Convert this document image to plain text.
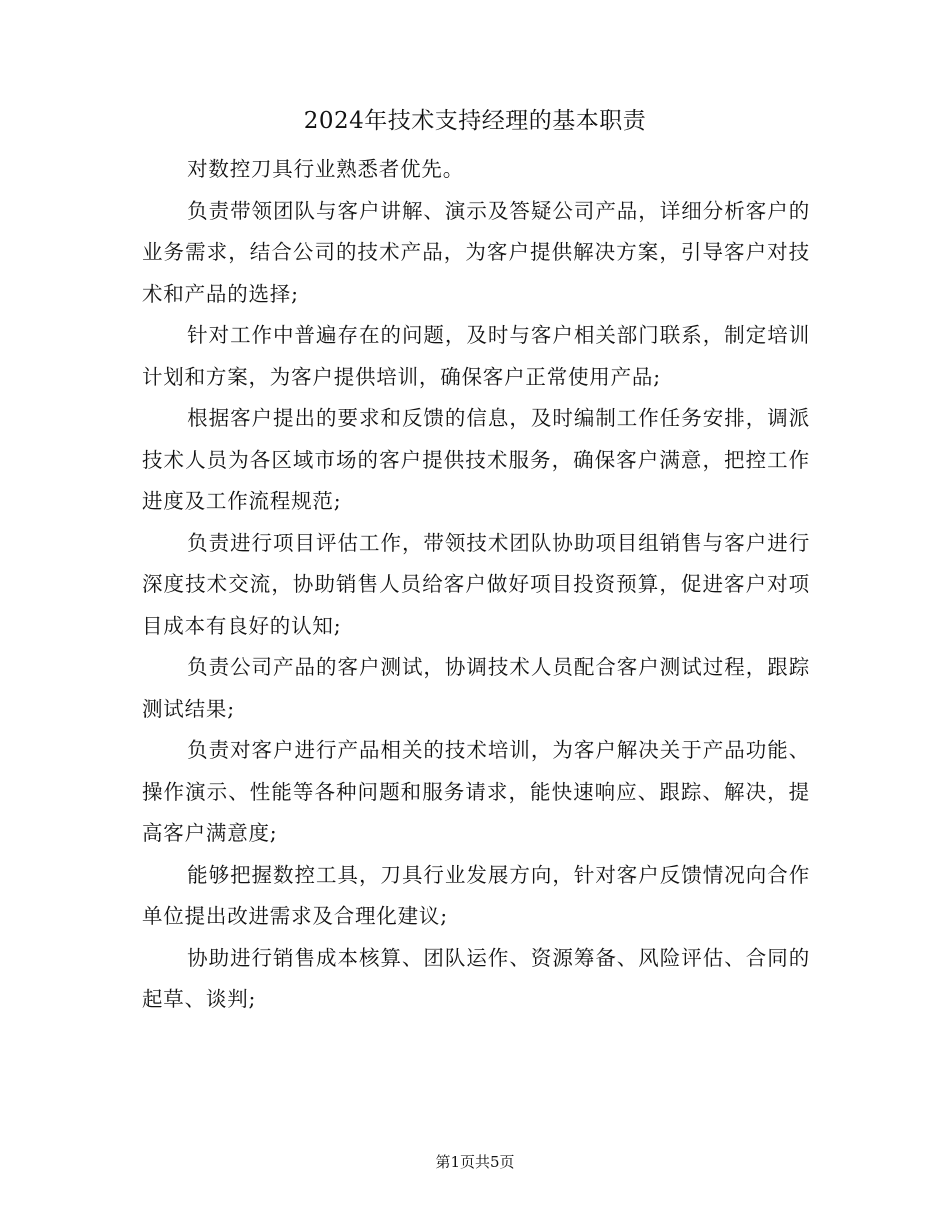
2024年技术支持经理的基本职责

对数控刀具行业熟悉者优先。

负责带领团队与客户讲解、演示及答疑公司产品，详细分析客户的业务需求，结合公司的技术产品，为客户提供解决方案，引导客户对技术和产品的选择;

针对工作中普遍存在的问题，及时与客户相关部门联系，制定培训计划和方案，为客户提供培训，确保客户正常使用产品;

根据客户提出的要求和反馈的信息，及时编制工作任务安排，调派技术人员为各区域市场的客户提供技术服务，确保客户满意，把控工作进度及工作流程规范;

负责进行项目评估工作，带领技术团队协助项目组销售与客户进行深度技术交流，协助销售人员给客户做好项目投资预算，促进客户对项目成本有良好的认知;

负责公司产品的客户测试，协调技术人员配合客户测试过程，跟踪测试结果;

负责对客户进行产品相关的技术培训，为客户解决关于产品功能、操作演示、性能等各种问题和服务请求，能快速响应、跟踪、解决，提高客户满意度;

能够把握数控工具，刀具行业发展方向，针对客户反馈情况向合作单位提出改进需求及合理化建议;

协助进行销售成本核算、团队运作、资源筹备、风险评估、合同的起草、谈判;

第1页共5页
